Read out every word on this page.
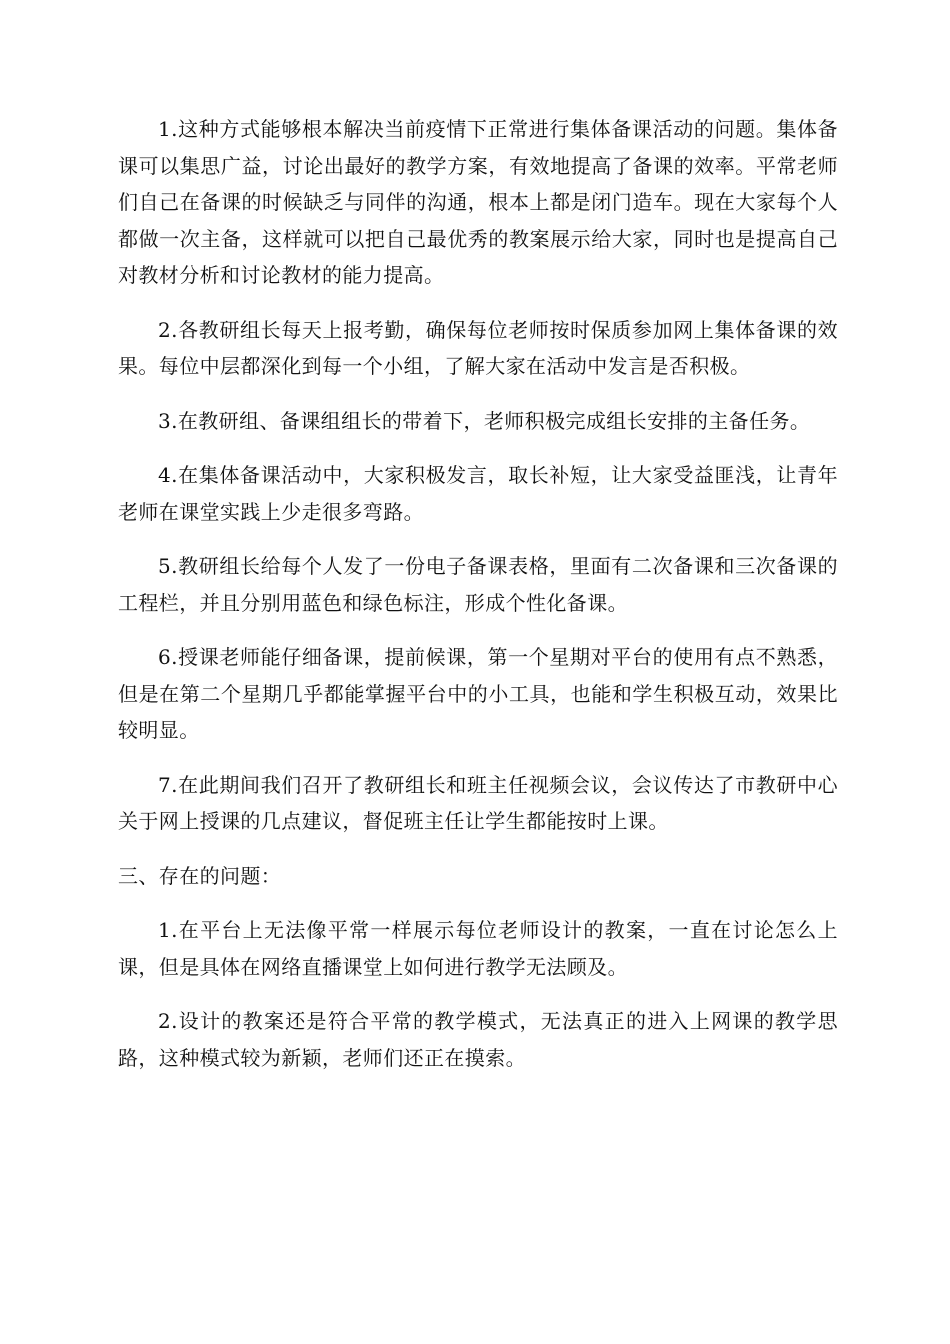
1.这种方式能够根本解决当前疫情下正常进行集体备课活动的问题。集体备课可以集思广益，讨论出最好的教学方案，有效地提高了备课的效率。平常老师们自己在备课的时候缺乏与同伴的沟通，根本上都是闭门造车。现在大家每个人都做一次主备，这样就可以把自己最优秀的教案展示给大家，同时也是提高自己对教材分析和讨论教材的能力提高。

2.各教研组长每天上报考勤，确保每位老师按时保质参加网上集体备课的效果。每位中层都深化到每一个小组，了解大家在活动中发言是否积极。

3.在教研组、备课组组长的带着下，老师积极完成组长安排的主备任务。

4.在集体备课活动中，大家积极发言，取长补短，让大家受益匪浅，让青年老师在课堂实践上少走很多弯路。

5.教研组长给每个人发了一份电子备课表格，里面有二次备课和三次备课的工程栏，并且分别用蓝色和绿色标注，形成个性化备课。

6.授课老师能仔细备课，提前候课，第一个星期对平台的使用有点不熟悉，但是在第二个星期几乎都能掌握平台中的小工具，也能和学生积极互动，效果比较明显。

7.在此期间我们召开了教研组长和班主任视频会议，会议传达了市教研中心关于网上授课的几点建议，督促班主任让学生都能按时上课。

三、存在的问题：

1.在平台上无法像平常一样展示每位老师设计的教案，一直在讨论怎么上课，但是具体在网络直播课堂上如何进行教学无法顾及。

2.设计的教案还是符合平常的教学模式，无法真正的进入上网课的教学思路，这种模式较为新颖，老师们还正在摸索。
